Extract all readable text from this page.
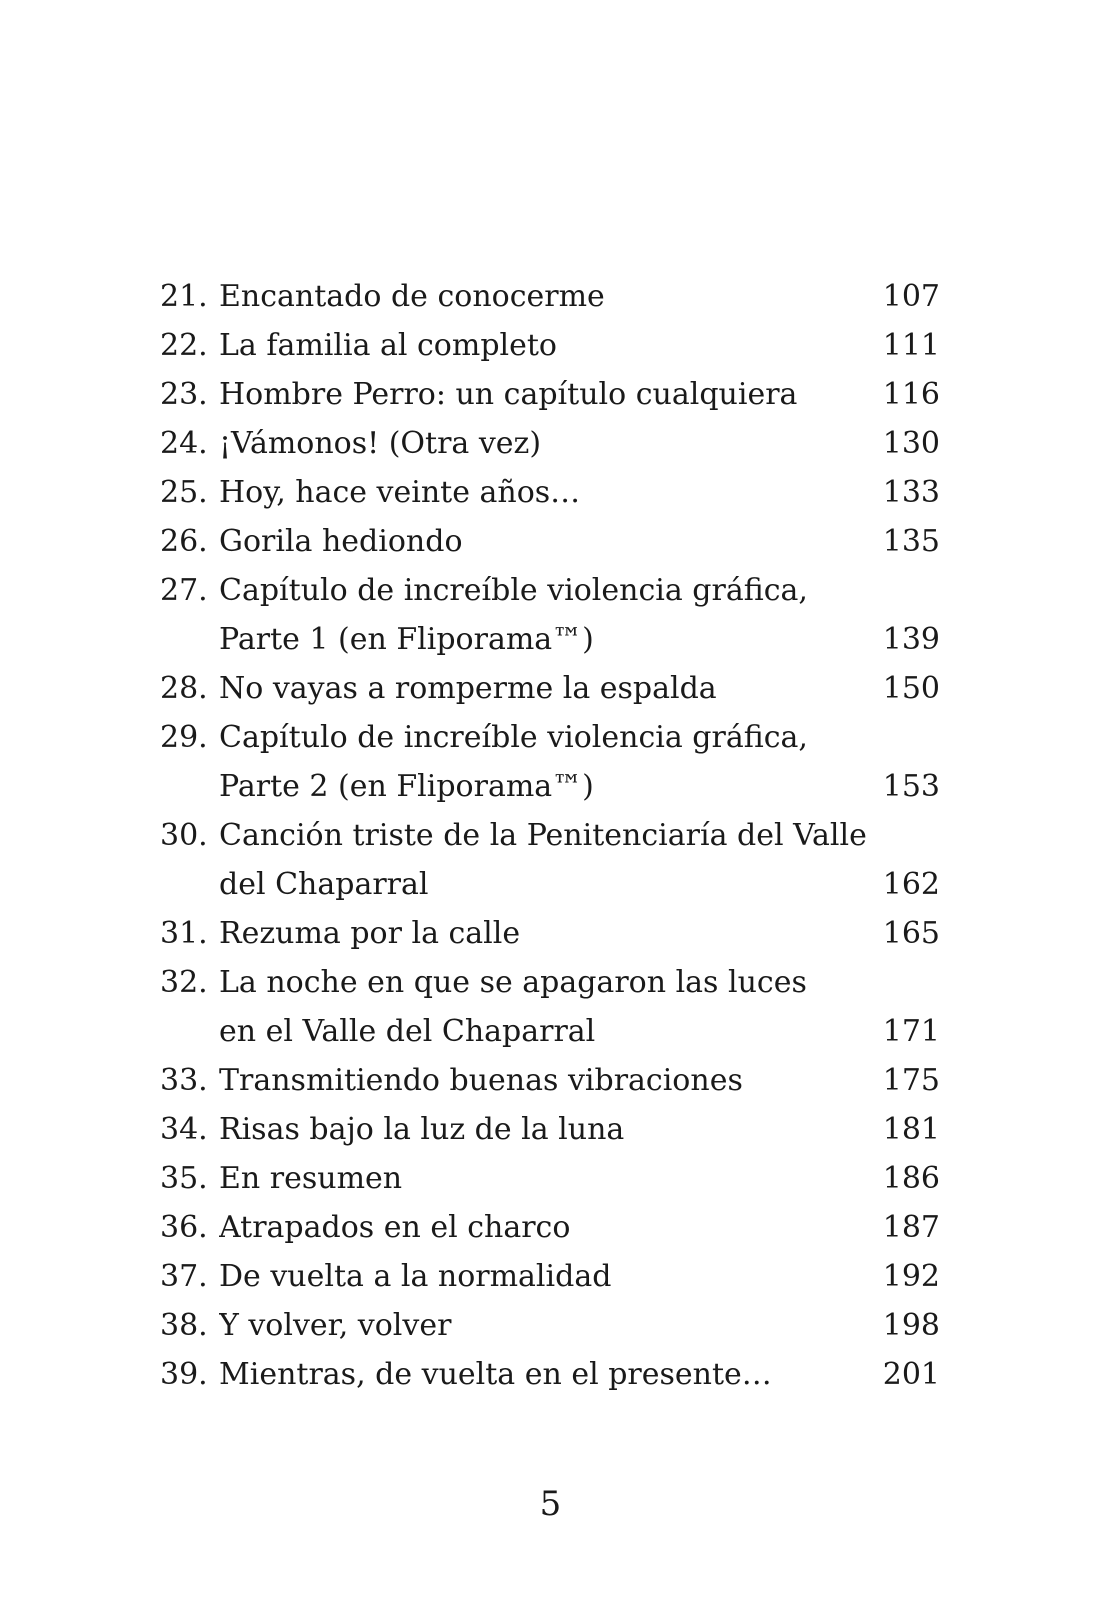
21. Encantado de conocerme	107
22. La familia al completo	111
23. Hombre Perro: un capítulo cualquiera	116
24. ¡Vámonos! (Otra vez)	130
25. Hoy, hace veinte años…	133
26. Gorila hediondo	135
27. Capítulo de increíble violencia gráfica,
Parte 1 (en Fliporama™)	139
28. No vayas a romperme la espalda	150
29. Capítulo de increíble violencia gráfica,
Parte 2 (en Fliporama™)	153
30. Canción triste de la Penitenciaría del Valle
del Chaparral	162
31. Rezuma por la calle	165
32. La noche en que se apagaron las luces
en el Valle del Chaparral	171
33. Transmitiendo buenas vibraciones	175
34. Risas bajo la luz de la luna	181
35. En resumen	186
36. Atrapados en el charco	187
37. De vuelta a la normalidad	192
38. Y volver, volver	198
39. Mientras, de vuelta en el presente…	201
5
